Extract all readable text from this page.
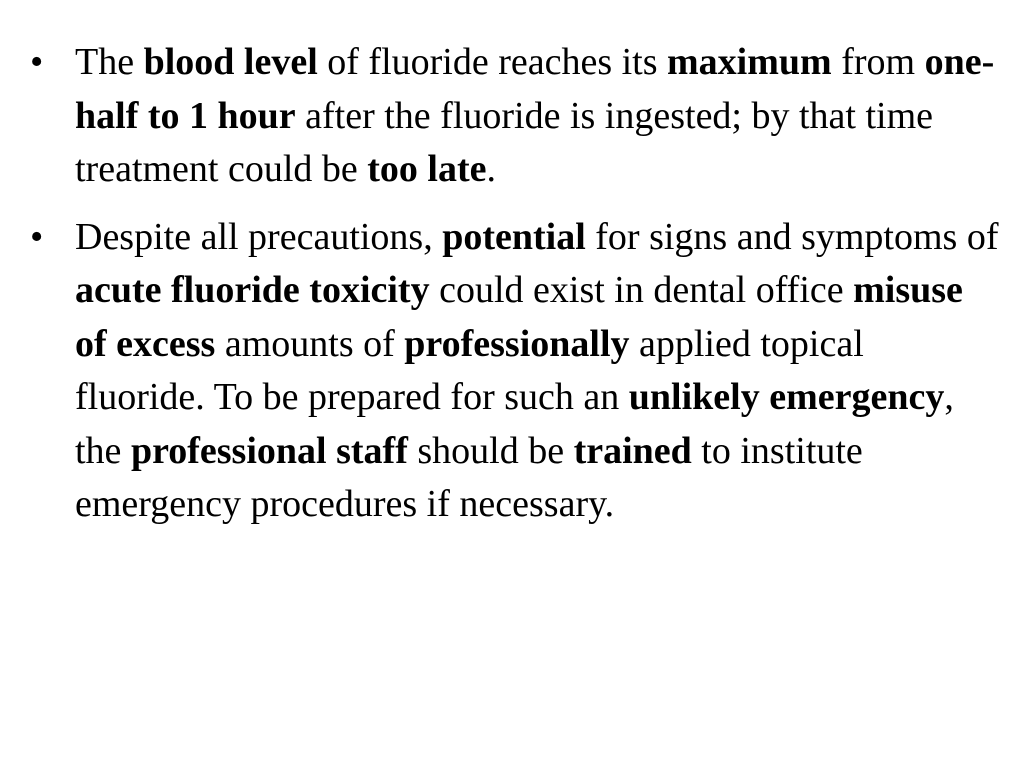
• The blood level of fluoride reaches its maximum from one-half to 1 hour after the fluoride is ingested; by that time treatment could be too late.
• Despite all precautions, potential for signs and symptoms of acute fluoride toxicity could exist in dental office misuse of excess amounts of professionally applied topical fluoride. To be prepared for such an unlikely emergency, the professional staff should be trained to institute emergency procedures if necessary.
